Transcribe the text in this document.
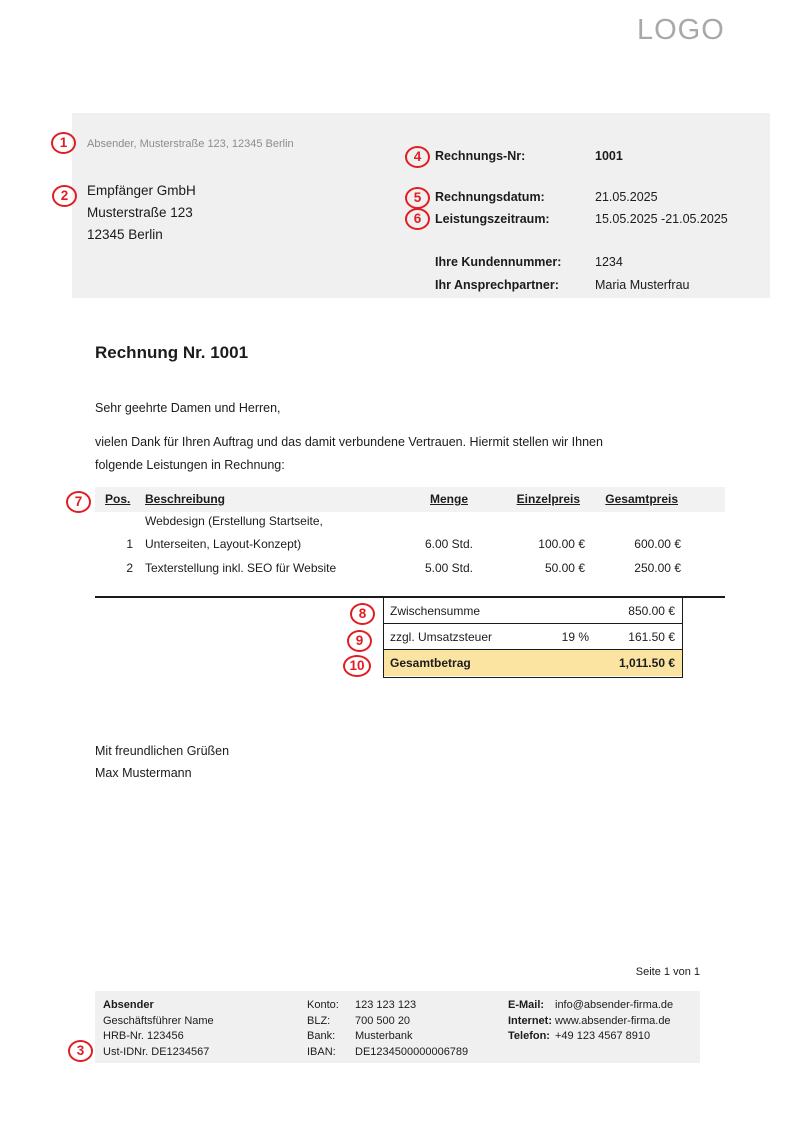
LOGO
Absender, Musterstraße 123, 12345 Berlin
Empfänger GmbH
Musterstraße 123
12345 Berlin
Rechnungs-Nr:	1001
Rechnungsdatum:	21.05.2025
Leistungszeitraum:	15.05.2025 -21.05.2025
Ihre Kundennummer:	1234
Ihr Ansprechpartner:	Maria Musterfrau
Rechnung Nr. 1001
Sehr geehrte Damen und Herren,
vielen Dank für Ihren Auftrag und das damit verbundene Vertrauen. Hiermit stellen wir Ihnen
folgende Leistungen in Rechnung:
Pos. Beschreibung	Menge	Einzelpreis Gesamtpreis
Webdesign (Erstellung Startseite,
1 Unterseiten, Layout-Konzept)	6.00 Std.	100.00 €	600.00 €
2 Texterstellung inkl. SEO für Website	5.00 Std.	50.00 €	250.00 €
Zwischensumme	850.00 €
zzgl. Umsatzsteuer	19 %	161.50 €
Gesamtbetrag	1,011.50 €
Mit freundlichen Grüßen
Max Mustermann
Seite 1 von 1
Absender
Geschäftsführer Name
HRB-Nr. 123456
Ust-IDNr. DE1234567
Konto: 123 123 123
BLZ: 700 500 20
Bank: Musterbank
IBAN: DE1234500000006789
E-Mail: info@absender-firma.de
Internet: www.absender-firma.de
Telefon: +49 123 4567 8910
1
2
3
4
5
6
7
8
9
10
